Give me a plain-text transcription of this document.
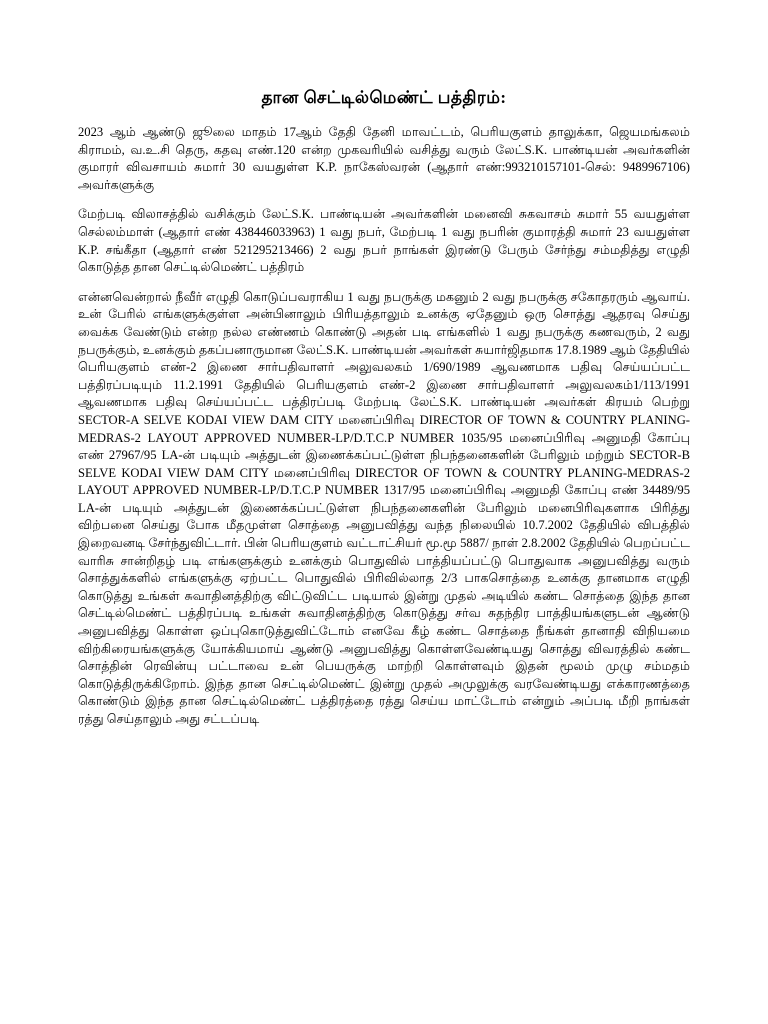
தான செட்டில்மெண்ட் பத்திரம்:

2023 ஆம் ஆண்டு ஜூலை மாதம் 17ஆம் தேதி தேனி மாவட்டம், பெரியகுளம் தாலுக்கா, ஜெயமங்கலம் கிராமம், வ.உ.சி தெரு, கதவு எண்.120 என்ற முகவரியில் வசித்து வரும் லேட்S.K. பாண்டியன் அவர்களின் குமாரர் விவசாயம் சுமார் 30 வயதுள்ள K.P. நாகேஸ்வரன் (ஆதார் எண்:993210157101-செல்: 9489967106) அவர்களுக்கு

மேற்படி விலாசத்தில் வசிக்கும் லேட்S.K. பாண்டியன் அவர்களின் மனைவி சுகவாசம் சுமார் 55 வயதுள்ள செல்லம்மாள் (ஆதார் எண் 438446033963) 1 வது நபர், மேற்படி 1 வது நபரின் குமாரத்தி சுமார் 23 வயதுள்ள K.P. சங்கீதா (ஆதார் எண் 521295213466) 2 வது நபர் நாங்கள் இரண்டு பேரும் சேர்ந்து சம்மதித்து எழுதி கொடுத்த தான செட்டில்மெண்ட் பத்திரம்

என்னவென்றால் நீவீர் எழுதி கொடுப்பவராகிய 1 வது நபருக்கு மகனும் 2 வது நபருக்கு சகோதரரும் ஆவாய். உன் பேரில் எங்களுக்குள்ள அன்பினாலும் பிரியத்தாலும் உனக்கு ஏதேனும் ஒரு சொத்து ஆதரவு செய்து வைக்க வேண்டும் என்ற நல்ல எண்ணம் கொண்டு அதன் படி எங்களில் 1 வது நபருக்கு கணவரும், 2 வது நபருக்கும், உனக்கும் தகப்பனாருமான லேட்S.K. பாண்டியன் அவர்கள் சுயார்ஜிதமாக 17.8.1989 ஆம் தேதியில் பெரியகுளம் எண்-2 இணை சார்பதிவாளர் அலுவலகம் 1/690/1989 ஆவணமாக பதிவு செய்யப்பட்ட பத்திரப்படியும் 11.2.1991 தேதியில் பெரியகுளம் எண்-2 இணை சார்பதிவாளர் அலுவலகம்1/113/1991 ஆவணமாக பதிவு செய்யப்பட்ட பத்திரப்படி மேற்படி லேட்S.K. பாண்டியன் அவர்கள் கிரயம் பெற்று SECTOR-A SELVE KODAI VIEW DAM CITY மனைப்பிரிவு DIRECTOR OF TOWN & COUNTRY PLANING-MEDRAS-2 LAYOUT APPROVED NUMBER-LP/D.T.C.P NUMBER 1035/95 மனைப்பிரிவு அனுமதி கோப்பு எண் 27967/95 LA-ன் படியும் அத்துடன் இணைக்கப்பட்டுள்ள நிபந்தனைகளின் பேரிலும் மற்றும் SECTOR-B SELVE KODAI VIEW DAM CITY மனைப்பிரிவு DIRECTOR OF TOWN & COUNTRY PLANING-MEDRAS-2 LAYOUT APPROVED NUMBER-LP/D.T.C.P NUMBER 1317/95 மனைப்பிரிவு அனுமதி கோப்பு எண் 34489/95 LA-ன் படியும் அத்துடன் இணைக்கப்பட்டுள்ள நிபந்தனைகளின் பேரிலும் மனைபிரிவுகளாக பிரித்து விற்பனை செய்து போக மீதமுள்ள சொத்தை அனுபவித்து வந்த நிலையில் 10.7.2002 தேதியில் விபத்தில் இறைவனடி சேர்ந்துவிட்டார். பின் பெரியகுளம் வட்டாட்சியர் மூ.மூ 5887/ நாள் 2.8.2002 தேதியில் பெறப்பட்ட வாரிசு சான்றிதழ் படி எங்களுக்கும் உனக்கும் பொதுவில் பாத்தியப்பட்டு பொதுவாக அனுபவித்து வரும் சொத்துக்களில் எங்களுக்கு ஏற்பட்ட பொதுவில் பிரிவில்லாத 2/3 பாகசொத்தை உனக்கு தானமாக எழுதி கொடுத்து உங்கள் சுவாதினத்திற்கு விட்டுவிட்ட படியால் இன்று முதல் அடியில் கண்ட சொத்தை இந்த தான செட்டில்மெண்ட் பத்திரப்படி உங்கள் சுவாதினத்திற்கு கொடுத்து சர்வ சுதந்திர பாத்தியங்களுடன் ஆண்டு அனுபவித்து கொள்ள ஒப்புகொடுத்துவிட்டோம் எனவே கீழ் கண்ட சொத்தை நீங்கள் தானாதி விநியமை விற்கிரையங்களுக்கு யோக்கியமாய் ஆண்டு அனுபவித்து கொள்ளவேண்டியது சொத்து விவரத்தில் கண்ட சொத்தின் ரெவின்யு பட்டாவை உன் பெயருக்கு மாற்றி கொள்ளவும் இதன் மூலம் முழு சம்மதம் கொடுத்திருக்கிறோம். இந்த தான செட்டில்மெண்ட் இன்று முதல் அமுலுக்கு வரவேண்டியது எக்காரணத்தை கொண்டும் இந்த தான செட்டில்மெண்ட் பத்திரத்தை ரத்து செய்ய மாட்டோம் என்றும் அப்படி மீறி நாங்கள் ரத்து செய்தாலும் அது சட்டப்படி
